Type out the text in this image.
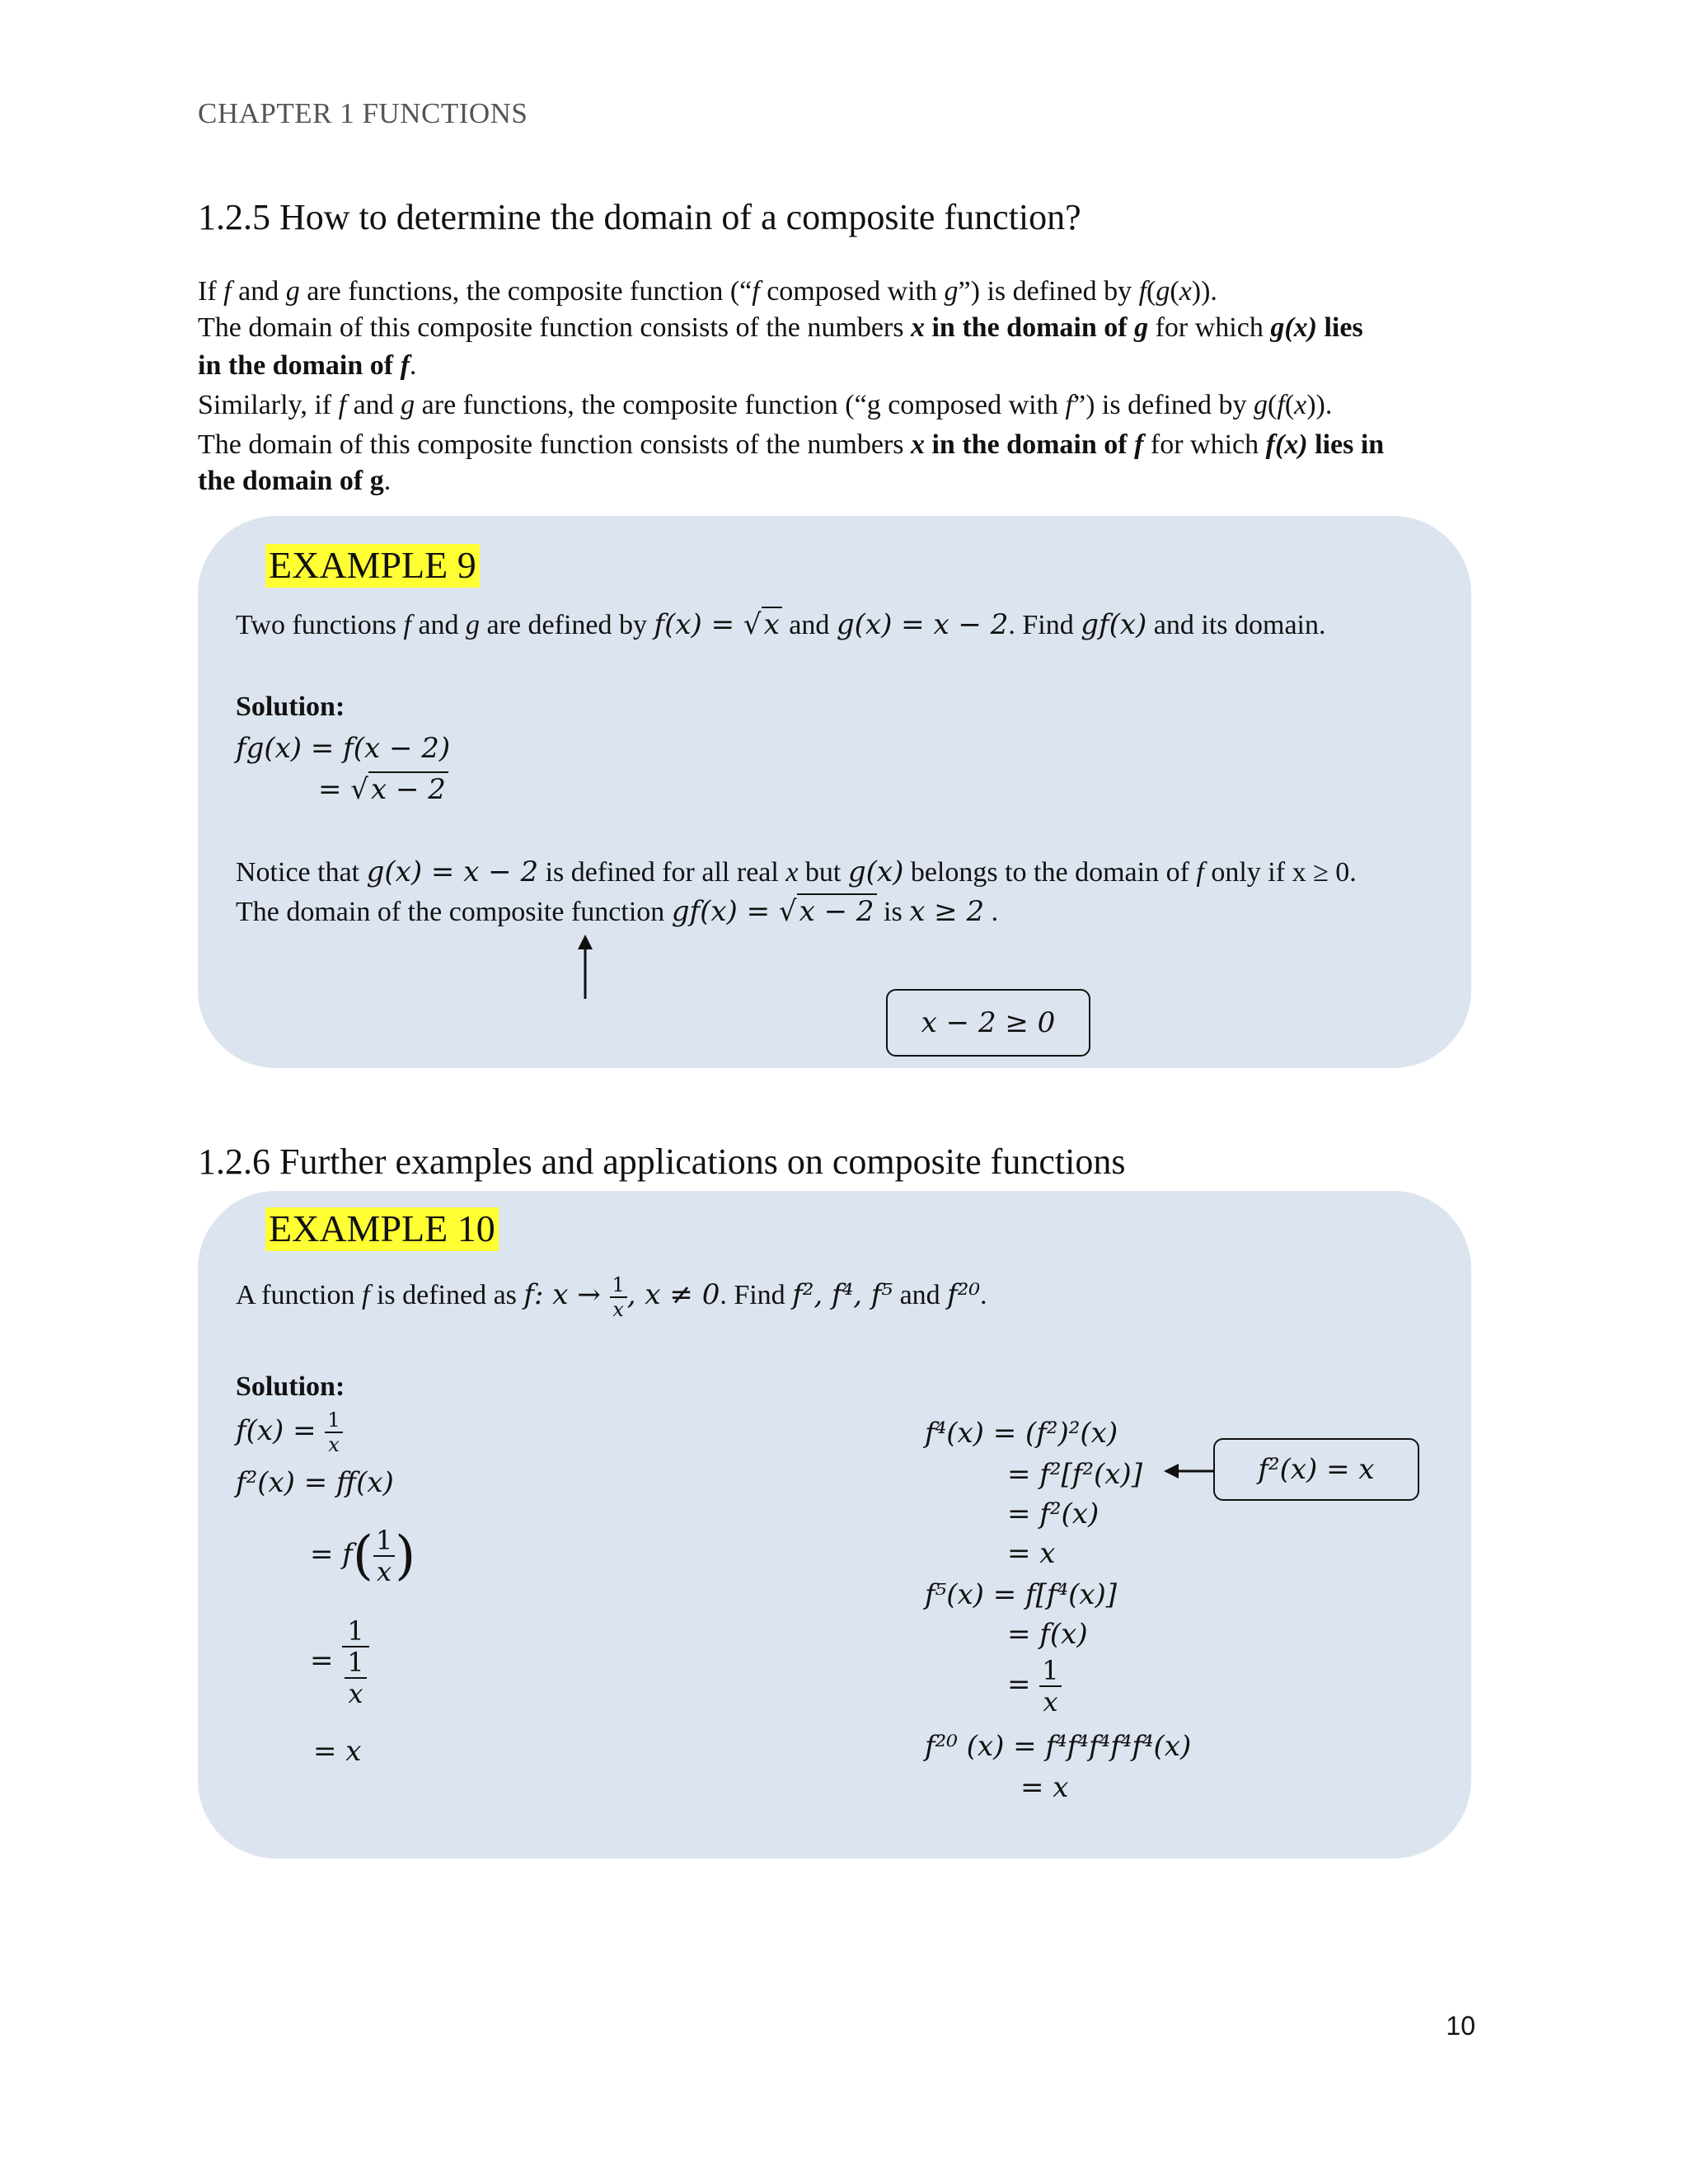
CHAPTER 1 FUNCTIONS
1.2.5 How to determine the domain of a composite function?
If f and g are functions, the composite function (“f composed with g”) is defined by f(g(x)).
The domain of this composite function consists of the numbers x in the domain of g for which g(x) lies
in the domain of f.
Similarly, if f and g are functions, the composite function (“g composed with f”) is defined by g(f(x)).
The domain of this composite function consists of the numbers x in the domain of f for which f(x) lies in
the domain of g.
EXAMPLE 9
Two functions f and g are defined by f(x) = √x and g(x) = x − 2. Find gf(x) and its domain.
Solution:
fg(x) = f(x − 2)
= √x − 2
Notice that g(x) = x − 2 is defined for all real x but g(x) belongs to the domain of f only if x ≥ 0.
The domain of the composite function gf(x) = √x − 2 is x ≥ 2 .
x − 2 ≥ 0
1.2.6 Further examples and applications on composite functions
EXAMPLE 10
A function f is defined as f: $x \to \frac{1}{x}$ , x ≠ 0. Find f², f⁴, f⁵ and f²⁰.
Solution:
$f(x) = \frac{1}{x}$
f²(x) = ff(x)
= $f( \frac{1}{x}$ )
= $\frac{1}{\frac{1}{x}}$
= x
f⁴(x) = (f²)²(x)
= f²[f²(x)]
= f²(x)
= x
f⁵(x) = f[f⁴(x)]
= f(x)
= $\frac{1}{x}$
f²⁰ (x) = f⁴f⁴f⁴f⁴f⁴(x)
= x
f²(x) = x
10
